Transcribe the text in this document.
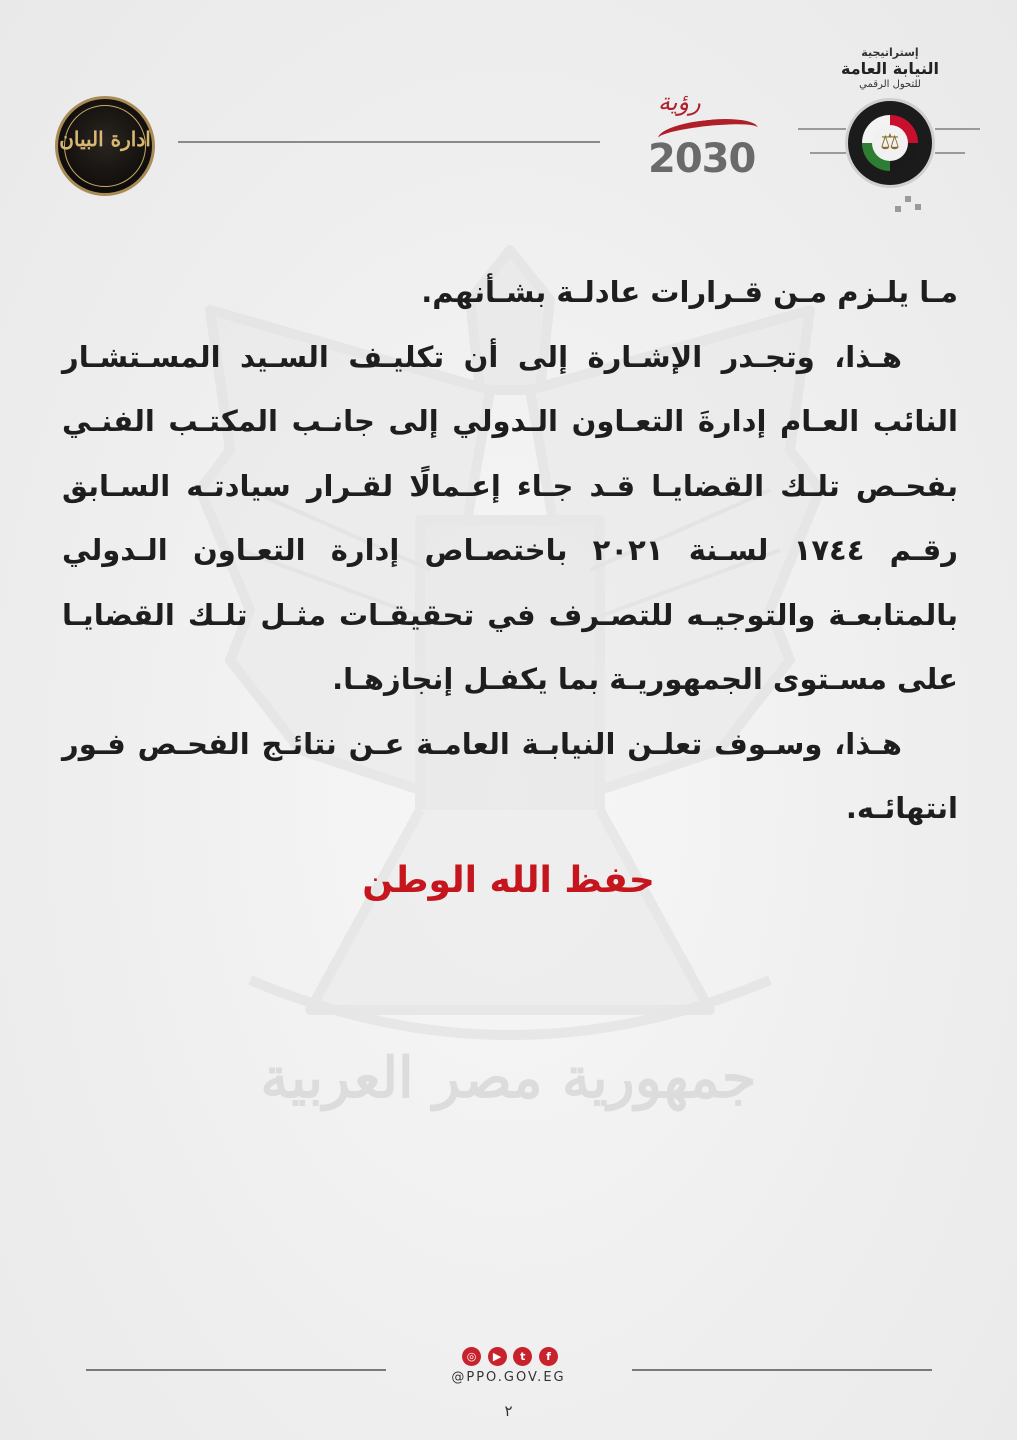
جمهورية مصر العربية
ادارة البيان
رؤية
2030
إستراتيجية
النيابة العامة
للتحول الرقمي
⚖

مـا يلـزم مـن قـرارات عادلـة بشـأنهم.

هـذا، وتجـدر الإشـارة إلى أن تكليـف السـيد المسـتشـار النائب العـام إدارةَ التعـاون الـدولي إلى جانـب المكتـب الفنـي بفحـص تلـك القضايـا قـد جـاء إعـمالًا لقـرار سيادتـه السـابق رقـم ١٧٤٤ لسـنة ٢٠٢١ باختصـاص إدارة التعـاون الـدولي بالمتابعـة والتوجيـه للتصـرف في تحقيقـات مثـل تلـك القضايـا على مسـتوى الجمهوريـة بما يكفـل إنجازهـا.

هـذا، وسـوف تعلـن النيابـة العامـة عـن نتائـج الفحـص فـور انتهائـه.

حفظ الله الوطن
◎	▶	t	f
@PPO.GOV.EG
٢
